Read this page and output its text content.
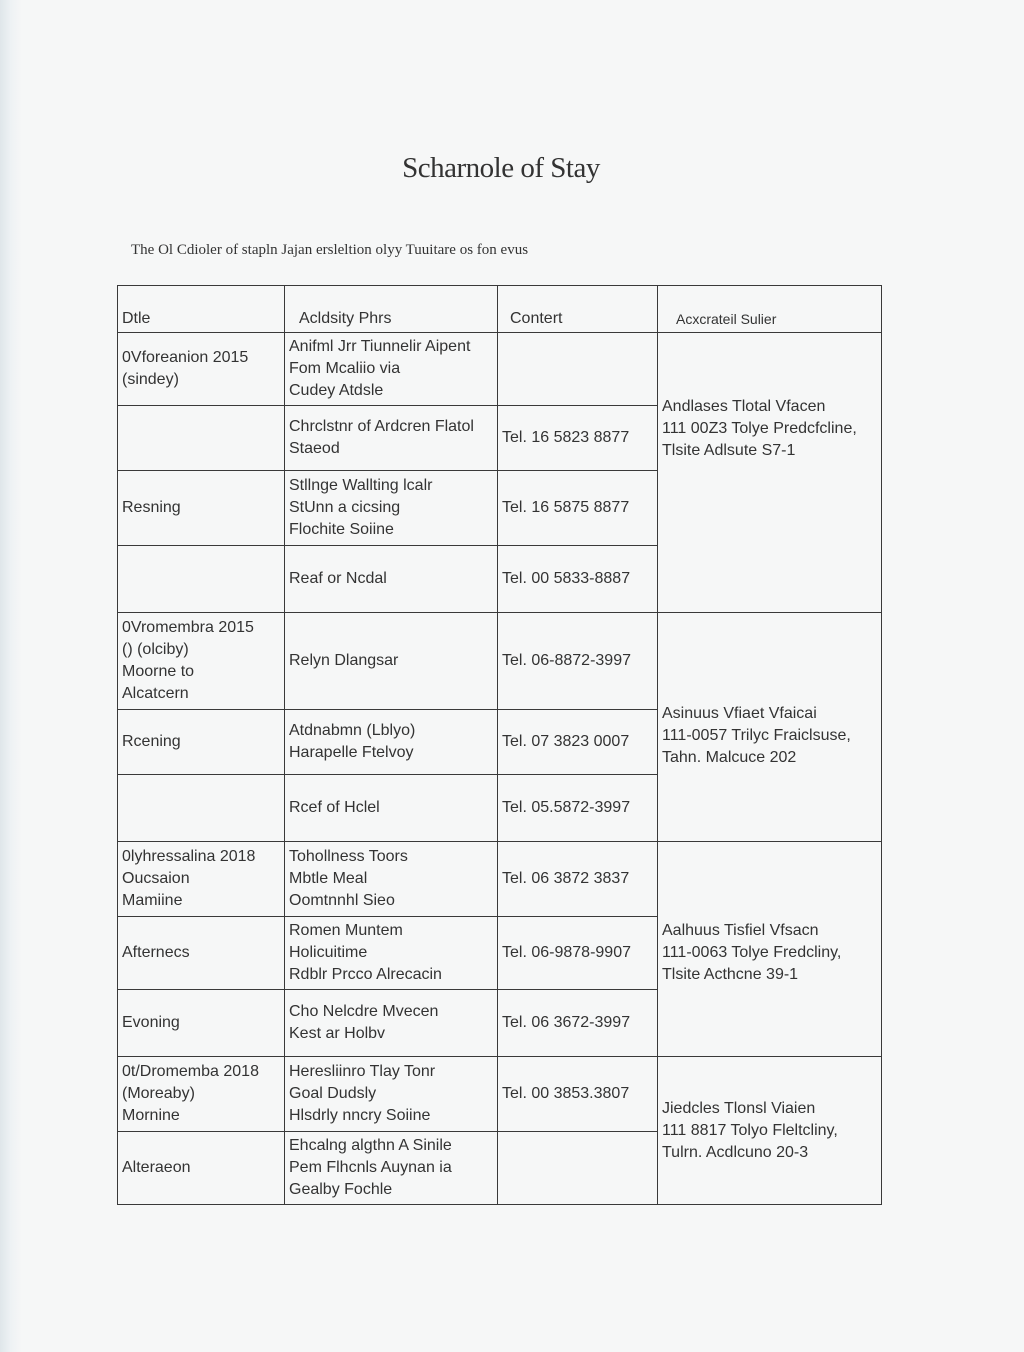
Scharnole of Stay

The Ol Cdioler of stapln Jajan ersleltion olyy Tuuitare os fon evus

Dtle	Acldsity Phrs	Contert	Acxcrateil Sulier

0Vforeanion 2015
(sindey)	Anifml Jrr Tiunnelir Aipent
Fom Mcaliio via
Cudey Atdsle		Andlases Tlotal Vfacen
111 00Z3 Tolye Predcfcline,
Tlsite Adlsute S7-1

	Chrclstnr of Ardcren Flatol
Staeod	Tel. 16 5823 8877	

Resning	Stllnge Wallting lcalr
StUnn a cicsing
Flochite Soiine	Tel. 16 5875 8877	

	Reaf or Ncdal	Tel. 00 5833-8887	

0Vromembra 2015
() (olciby)
Moorne to
Alcatcern	Relyn Dlangsar	Tel. 06-8872-3997	Asinuus Vfiaet Vfaicai
111-0057 Trilyc Fraiclsuse,
Tahn. Malcuce 202

Rcening	Atdnabmn (Lblyo)
Harapelle Ftelvoy	Tel. 07 3823 0007	

	Rcef of Hclel	Tel. 05.5872-3997	

0lyhressalina 2018
Oucsaion
Mamiine	Tohollness Toors
Mbtle Meal
Oomtnnhl Sieo	Tel. 06 3872 3837	Aalhuus Tisfiel Vfsacn
111-0063 Tolye Fredcliny,
Tlsite Acthcne 39-1

Afternecs	Romen Muntem
Holicuitime
Rdblr Prcco Alrecacin	Tel. 06-9878-9907	

Evoning	Cho Nelcdre Mvecen
Kest ar Holbv	Tel. 06 3672-3997	

0t/Dromemba 2018
(Moreaby)
Mornine	Heresliinro Tlay Tonr
Goal Dudsly
Hlsdrly nncry Soiine	Tel. 00 3853.3807	Jiedcles Tlonsl Viaien
111 8817 Tolyo Fleltcliny,
Tulrn. Acdlcuno 20-3

Alteraeon	Ehcalng algthn A Sinile
Pem Flhcnls Auynan ia
Gealby Fochle		
